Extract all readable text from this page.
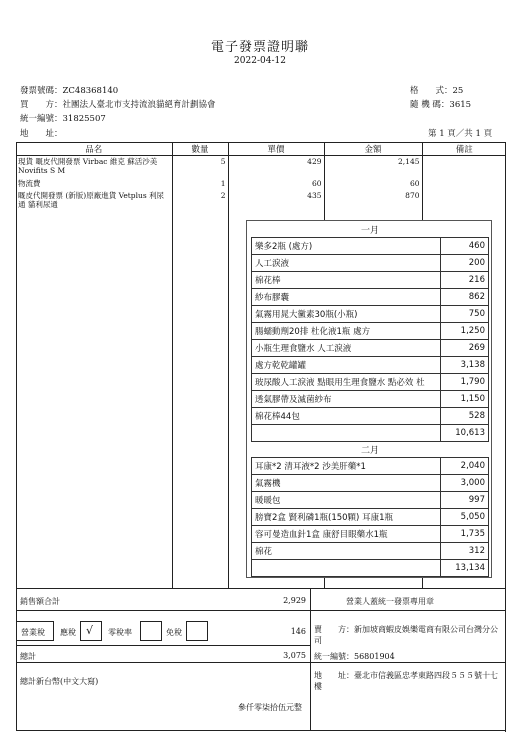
電子發票證明聯
2022-04-12
發票號碼：ZC48368140	格　　式：25
買　　方：社團法人臺北市支持流浪貓絕育計劃協會	隨 機 碼：3615
統一編號：31825507
地　　址：	第 1 頁／共 1 頁
品名	數量	單價	金額	備註
現貨 嘅皮代開發票 Virbac 維克 蘇活沙美 Novifits S M	5	429	2,145	
物流費	1	60	60	
嘅皮代開發票 (新版)原廠進貨 Vetplus 利尿通 貓利尿通	2	435	870	
一月
樂多2瓶 (處方)	460
人工淚液	200
棉花棒	216
紗布膠囊	862
氣霧用晁大黴素30瓶(小瓶)	750
腸蠕動劑20排 杜化液1瓶 處方	1,250
小瓶生理食鹽水 人工淚液	269
處方乾乾罐罐	3,138
玻尿酸人工淚液 點眼用生理食鹽水 點必效 杜	1,790
透氣膠帶及滅菌紗布	1,150
棉花棒44包	528
	10,613
二月
耳康*2 清耳液*2 沙美肝藥*1	2,040
氣霧機	3,000
暖暖包	997
膀寶2盒 賢利磷1瓶(150顆) 耳康1瓶	5,050
容可曼造血針1盒 康舒目眼藥水1瓶	1,735
棉花	312
	13,134
銷售額合計	2,929	營業人蓋統一發票專用章
營業稅 應稅 √ 零稅率	免稅	146 賣　　方：新加坡商蝦皮娛樂電商有限公司台灣分公司
總計	3,075 統一編號：56801904
總計新台幣(中文大寫)
地　　址：臺北市信義區忠孝東路四段５５５號十七樓
參仟零柒拾伍元整
